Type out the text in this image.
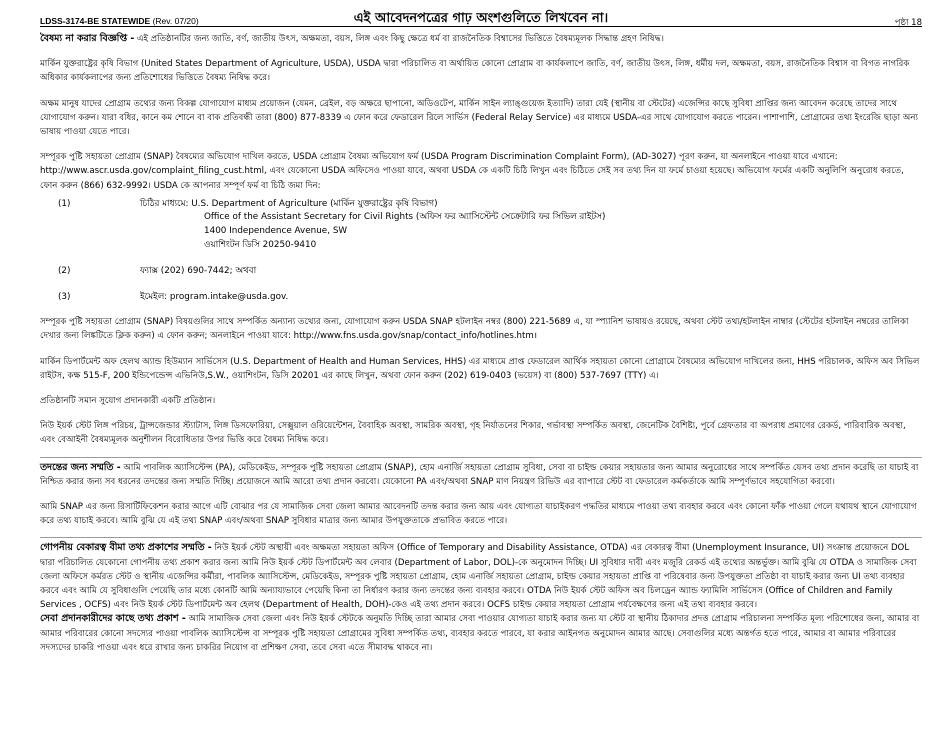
LDSS-3174-BE STATEWIDE (Rev. 07/20)	এই আবেদনপত্রের গাঢ় অংশগুলিতে লিখবেন না।	পৃষ্ঠা 18

বৈষম্য না করার বিজ্ঞপ্তি - এই প্রতিষ্ঠানটির জন্য জাতি, বর্ণ, জাতীয় উৎস, অক্ষমতা, বয়স, লিঙ্গ এবং কিছু ক্ষেত্রে ধর্ম বা রাজনৈতিক বিশ্বাসের ভিত্তিতে বৈষম্যমূলক সিদ্ধান্ত গ্রহণ নিষিদ্ধ।

মার্কিন যুক্তরাষ্ট্রের কৃষি বিভাগ (United States Department of Agriculture, USDA), USDA দ্বারা পরিচালিত বা অর্থায়িত কোনো প্রোগ্রাম বা কার্যকলাপে জাতি, বর্ণ, জাতীয় উৎস, লিঙ্গ, ধর্মীয় দল, অক্ষমতা, বয়স, রাজনৈতিক বিশ্বাস বা বিগত নাগরিক অধিকার কার্যকলাপের জন্য প্রতিশোধের ভিত্তিতে বৈষম্য নিষিদ্ধ করে।

অক্ষম মানুষ যাদের প্রোগ্রাম তথ্যের জন্য বিকল্প যোগাযোগ মাধ্যম প্রয়োজন (যেমন, ব্রেইল, বড় অক্ষরে ছাপানো, অডিওটেপ, মার্কিন সাইন ল্যাঙ্গুয়েজ ইত্যাদি) তারা যেই (স্থানীয় বা স্টেটের) এজেন্সির কাছে সুবিধা প্রাপ্তির জন্য আবেদন করেছে তাদের সাথে যোগাযোগ করুন। যারা বধির, কানে কম শোনে বা বাক প্রতিবন্ধী তারা (800) 877-8339 এ ফোন করে ফেডারেল রিলে সার্ভিস (Federal Relay Service) এর মাধ্যমে USDA-এর সাথে যোগাযোগ করতে পারেন। পাশাপাশি, প্রোগ্রামের তথ্য ইংরেজি ছাড়া অন্য ভাষায় পাওয়া যেতে পারে।

সম্পূরক পুষ্টি সহায়তা প্রোগ্রাম (SNAP) বৈষম্যের অভিযোগ দাখিল করতে, USDA প্রোগ্রাম বৈষম্য অভিযোগ ফর্ম (USDA Program Discrimination Complaint Form), (AD-3027) পূরণ করুন, যা অনলাইনে পাওয়া যাবে এখানে: http://www.ascr.usda.gov/complaint_filing_cust.html, এবং যেকোনো USDA অফিসেও পাওয়া যাবে, অথবা USDA কে একটি চিঠি লিখুন এবং চিঠিতে সেই সব তথ্য দিন যা ফর্মে চাওয়া হয়েছে। অভিযোগ ফর্মের একটি অনুলিপি অনুরোধ করতে, ফোন করুন (866) 632-9992। USDA কে আপনার সম্পূর্ণ ফর্ম বা চিঠি জমা দিন:

(1)	চিঠির মাধ্যমে: U.S. Department of Agriculture (মার্কিন যুক্তরাষ্ট্রের কৃষি বিভাগ)
Office of the Assistant Secretary for Civil Rights (অফিস ফর অ্যাসিস্টেন্ট সেক্রেটারি ফর সিভিল রাইটস)
1400 Independence Avenue, SW
ওয়াশিংটন ডিসি 20250-9410
(2)	ফ্যাক্স (202) 690-7442; অথবা
(3)	ইমেইল: program.intake@usda.gov.

সম্পূরক পুষ্টি সহায়তা প্রোগ্রাম (SNAP) বিষয়গুলির সাথে সম্পর্কিত অন্যান্য তথ্যের জন্য, যোগাযোগ করুন USDA SNAP হটলাইন নম্বর (800) 221-5689 এ, যা স্প্যানিশ ভাষায়ও রয়েছে, অথবা স্টেট তথ্য/হটলাইন নাম্বার (স্টেটের হটলাইন নম্বরের তালিকা দেখার জন্য লিঙ্কটিতে ক্লিক করুন) এ ফোন করুন; অনলাইনে পাওয়া যাবে: http://www.fns.usda.gov/snap/contact_info/hotlines.htm।

মার্কিন ডিপার্টমেন্ট অফ হেলথ অ্যান্ড হিউম্যান সার্ভিসেস (U.S. Department of Health and Human Services, HHS) এর মাধ্যমে প্রাপ্ত ফেডারেল আর্থিক সহায়তা কোনো প্রোগ্রামে বৈষম্যের অভিযোগ দাখিলের জন্য, HHS পরিচালক, অফিস অব সিভিল রাইটস, কক্ষ 515-F, 200 ইন্ডিপেন্ডেন্স এভিনিউ,S.W., ওয়াশিংটন, ডিসি 20201 এর কাছে লিখুন, অথবা ফোন করুন (202) 619-0403 (ভয়েস) বা (800) 537-7697 (TTY) এ।

প্রতিষ্ঠানটি সমান সুযোগ প্রদানকারী একটি প্রতিষ্ঠান।

নিউ ইয়র্ক স্টেট লিঙ্গ পরিচয়, ট্রান্সজেন্ডার স্ট্যাটাস, লিঙ্গ ডিসফোরিয়া, সেক্সুয়াল ওরিয়েন্টেশন, বৈবাহিক অবস্থা, সামরিক অবস্থা, গৃহ নির্যাতনের শিকার, গর্ভাবস্থা সম্পর্কিত অবস্থা, জেনেটিক বৈশিষ্ট্য, পূর্বে গ্রেফতার বা অপরাধ প্রমাণের রেকর্ড, পারিবারিক অবস্থা, এবং বেআইনী বৈষম্যমূলক অনুশীলন বিরোধিতার উপর ভিত্তি করে বৈষম্য নিষিদ্ধ করে।

তদন্তের জন্য সম্মতি - আমি পাবলিক অ্যাসিস্টেন্স (PA), মেডিকেইড, সম্পূরক পুষ্টি সহায়তা প্রোগ্রাম (SNAP), হোম এনার্জি সহায়তা প্রোগ্রাম সুবিধা, সেবা বা চাইল্ড কেয়ার সহায়তার জন্য আমার অনুরোধের সাথে সম্পর্কিত যেসব তথ্য প্রদান করেছি তা যাচাই বা নিশ্চিত করার জন্য সব ধরনের তদন্তের জন্য সম্মতি দিচ্ছি। প্রয়োজনে আমি আরো তথ্য প্রদান করবো। যেকোনো PA এবং/অথবা SNAP মাণ নিয়ন্ত্রণ রিভিউ এর ব্যাপারে স্টেট বা ফেডারেল কর্মকর্তাকে আমি সম্পূর্ণভাবে সহযোগিতা করবো।

আমি SNAP এর জন্য রিসার্টিফিকেশন করার আগে এটি বোঝার পর যে সামাজিক সেবা জেলা আমার আবেদনটি তদন্ত করার জন্য আয় এবং যোগ্যতা যাচাইকরণ পদ্ধতির মাধ্যমে পাওয়া তথ্য ব্যবহার করবে এবং কোনো ফাঁক পাওয়া গেলে যথাযথ স্থানে যোগাযোগ করে তথ্য যাচাই করবে। আমি বুঝি যে এই তথ্য SNAP এবং/অথবা SNAP সুবিধার মাত্রার জন্য আমার উপযুক্ততাকে প্রভাবিত করতে পারে।

গোপনীয় বেকারত্ব বীমা তথ্য প্রকাশের সম্মতি - নিউ ইয়র্ক স্টেট অস্থায়ী এবং অক্ষমতা সহায়তা অফিস (Office of Temporary and Disability Assistance, OTDA) এর বেকারত্ব বীমা (Unemployment Insurance, UI) সংক্রান্ত প্রয়োজনে DOL দ্বারা পরিচালিত যেকোনো গোপনীয় তথ্য প্রকাশ করার জন্য আমি নিউ ইয়র্ক স্টেট ডিপার্টমেন্ট অব লেবার (Department of Labor, DOL)-কে অনুমোদন দিচ্ছি। UI সুবিধার দাবী এবং মজুরি রেকর্ড এই তথ্যের অন্তর্ভুক্ত। আমি বুঝি যে OTDA ও সামাজিক সেবা জেলা অফিসে কর্মরত স্টেট ও স্থানীয় এজেন্সির কর্মীরা, পাবলিক অ্যাসিস্টেন্স, মেডিকেইড, সম্পূরক পুষ্টি সহায়তা প্রোগ্রাম, হোম এনার্জি সহায়তা প্রোগ্রাম, চাইল্ড কেয়ার সহায়তা প্রাপ্তি বা পরিষেবার জন্য উপযুক্ততা প্রতিষ্ঠা বা যাচাই করার জন্য UI তথ্য ব্যবহার করবে এবং আমি যে সুবিধাগুলি পেয়েছি তার মধ্যে কোনটি আমি অন্যায্যভাবে পেয়েছি কিনা তা নির্ধারণ করার জন্য তদন্তের জন্য ব্যবহার করবে। OTDA নিউ ইয়র্ক স্টেট অফিস অব চিলড্রেন অ্যান্ড ফ্যামিলি সার্ভিসেস (Office of Children and Family Services , OCFS) এবং নিউ ইয়র্ক স্টেট ডিপার্টমেন্ট অব হেলথ (Department of Health, DOH)-কেও এই তথ্য প্রদান করবে। OCFS চাইল্ড কেয়ার সহায়তা প্রোগ্রাম পর্যবেক্ষণের জন্য এই তথ্য ব্যবহার করবে।

সেবা প্রদানকারীদের কাছে তথ্য প্রকাশ - আমি সামাজিক সেবা জেলা এবং নিউ ইয়র্ক স্টেটকে অনুমতি দিচ্ছি তারা আমার সেবা পাওয়ার যোগ্যতা যাচাই করার জন্য যা স্টেট বা স্থানীয় ঠিকাদার প্রদত্ত প্রোগ্রাম পরিচালনা সম্পর্কিত মূল্য পরিশোধের জন্য, আমার বা আমার পরিবারের কোনো সদস্যের পাওয়া পাবলিক অ্যাসিস্টেন্স বা সম্পূরক পুষ্টি সহায়তা প্রোগ্রামের সুবিধা সম্পর্কিত তথ্য, ব্যবহার করতে পারবে, যা করার আইনগত অনুমোদন আমার আছে। সেবাগুলির মধ্যে অন্তর্গত হতে পারে, আমার বা আমার পরিবারের সদস্যদের চাকরি পাওয়া এবং ধরে রাখার জন্য চাকরির নিয়োগ বা প্রশিক্ষণ সেবা, তবে সেবা এতে সীমাবদ্ধ থাকবে না।
